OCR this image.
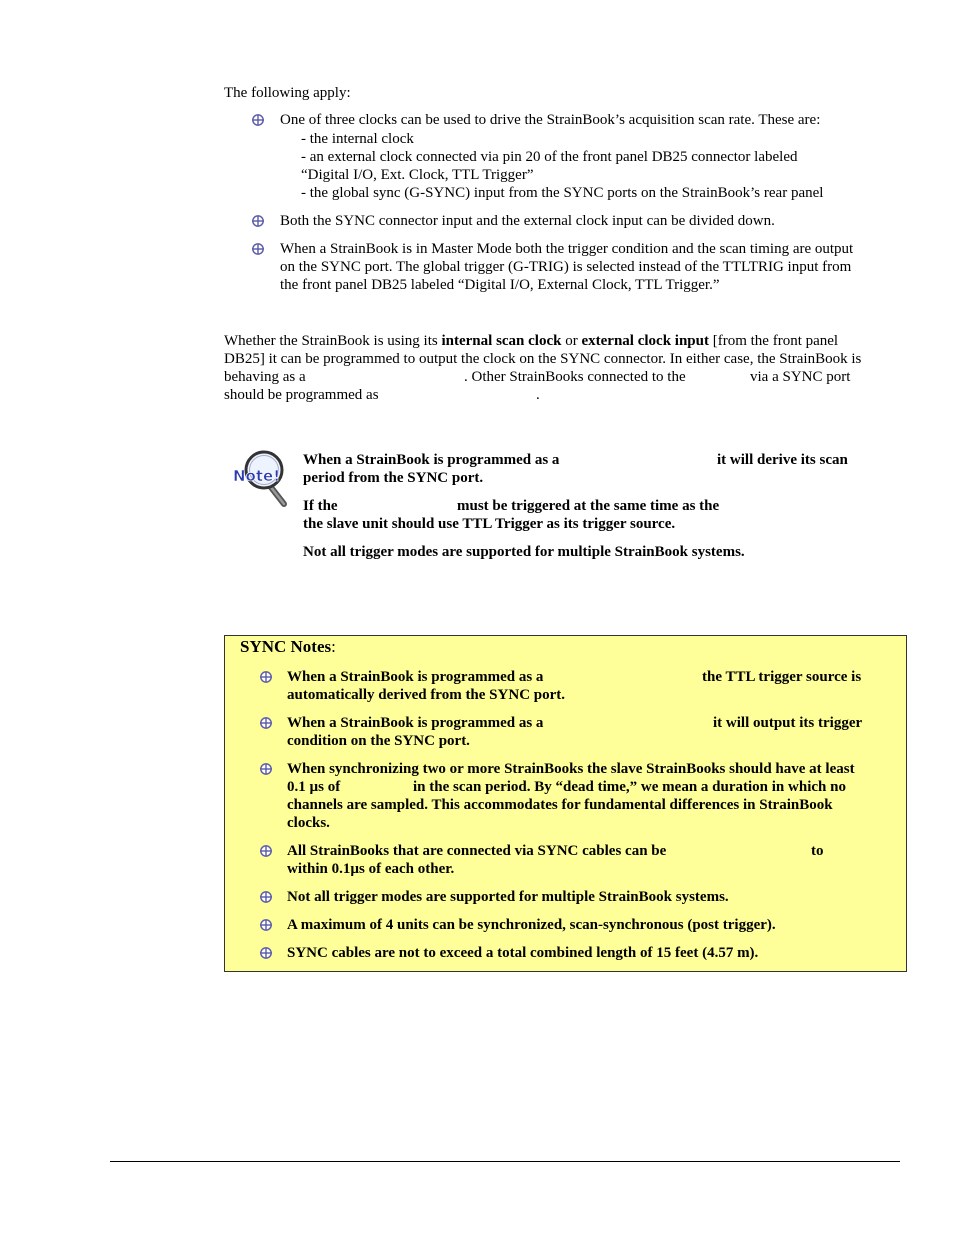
The following apply:
One of three clocks can be used to drive the StrainBook’s acquisition scan rate. These are:
- the internal clock
- an external clock connected via pin 20 of the front panel DB25 connector labeled
“Digital I/O, Ext. Clock, TTL Trigger”
- the global sync (G-SYNC) input from the SYNC ports on the StrainBook’s rear panel
Both the SYNC connector input and the external clock input can be divided down.
When a StrainBook is in Master Mode both the trigger condition and the scan timing are output
on the SYNC port. The global trigger (G-TRIG) is selected instead of the TTLTRIG input from
the front panel DB25 labeled “Digital I/O, External Clock, TTL Trigger.”
Whether the StrainBook is using its internal scan clock or external clock input [from the front panel
DB25] it can be programmed to output the clock on the SYNC connector. In either case, the StrainBook is
behaving as a	. Other StrainBooks connected to the	via a SYNC port
should be programmed as	.
Note!
When a StrainBook is programmed as a	it will derive its scan
period from the SYNC port.
If the	must be triggered at the same time as the
the slave unit should use TTL Trigger as its trigger source.
Not all trigger modes are supported for multiple StrainBook systems.
SYNC Notes:
When a StrainBook is programmed as a	the TTL trigger source is
automatically derived from the SYNC port.
When a StrainBook is programmed as a	it will output its trigger
condition on the SYNC port.
When synchronizing two or more StrainBooks the slave StrainBooks should have at least
0.1 µs of	in the scan period. By “dead time,” we mean a duration in which no
channels are sampled. This accommodates for fundamental differences in StrainBook
clocks.
All StrainBooks that are connected via SYNC cables can be	to
within 0.1µs of each other.
Not all trigger modes are supported for multiple StrainBook systems.
A maximum of 4 units can be synchronized, scan-synchronous (post trigger).
SYNC cables are not to exceed a total combined length of 15 feet (4.57 m).
